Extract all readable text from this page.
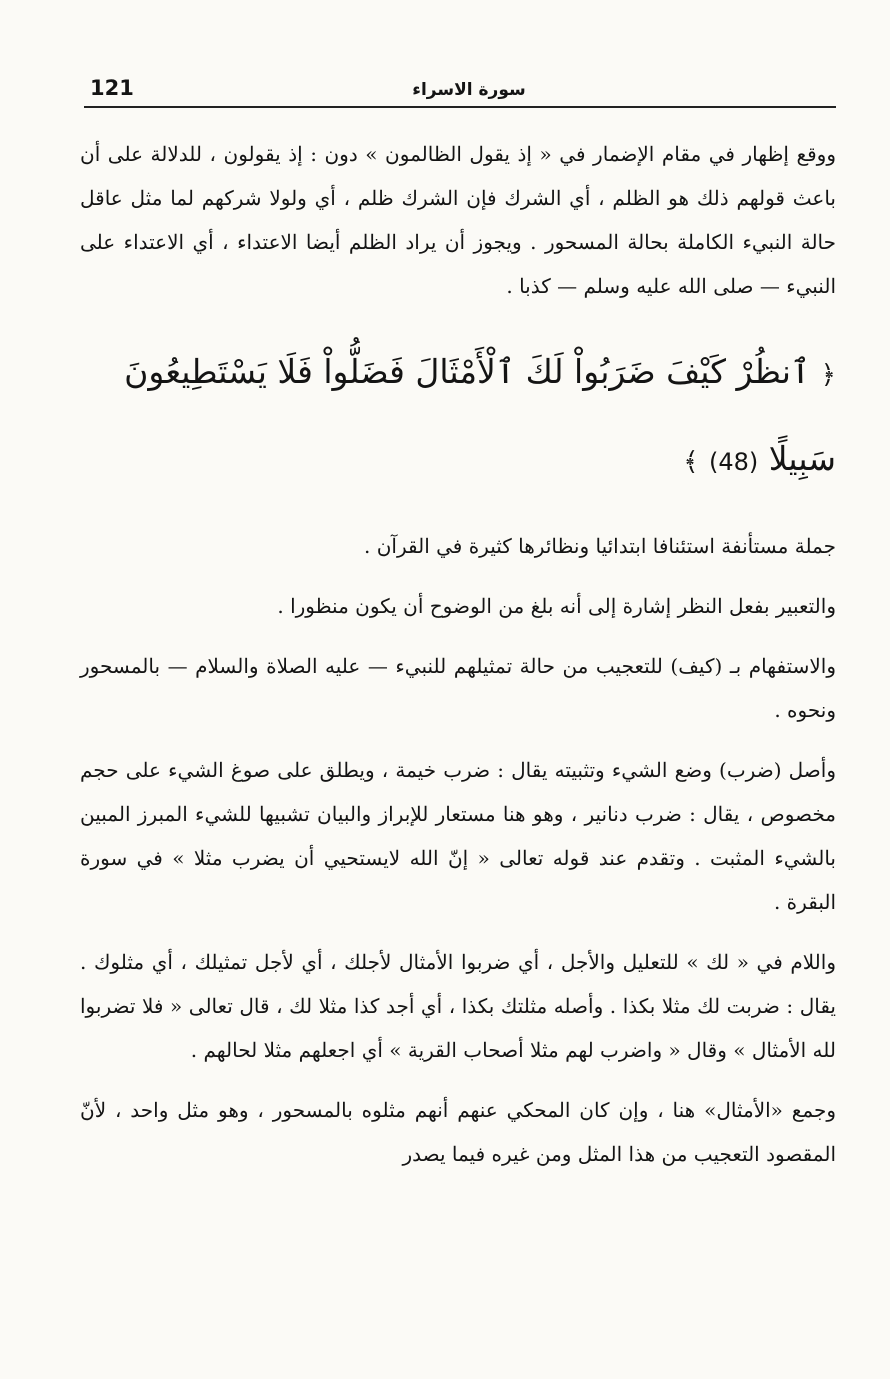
121	سورة الاسراء

ووقع إظهار في مقام الإضمار في « إذ يقول الظالمون » دون : إذ يقولون ، للدلالة على أن باعث قولهم ذلك هو الظلم ، أي الشرك فإن الشرك ظلم ، أي ولولا شركهم لما مثل عاقل حالة النبيء الكاملة بحالة المسحور . ويجوز أن يراد الظلم أيضا الاعتداء ، أي الاعتداء على النبيء — صلى الله عليه وسلم — كذبا .

﴿ ٱنظُرْ كَيْفَ ضَرَبُواْ لَكَ ٱلْأَمْثَالَ فَضَلُّواْ فَلَا يَسْتَطِيعُونَ سَبِيلًا (48) ﴾

جملة مستأنفة استئنافا ابتدائيا ونظائرها كثيرة في القرآن .

والتعبير بفعل النظر إشارة إلى أنه بلغ من الوضوح أن يكون منظورا .

والاستفهام بـ (كيف) للتعجيب من حالة تمثيلهم للنبيء — عليه الصلاة والسلام — بالمسحور ونحوه .

وأصل (ضرب) وضع الشيء وتثبيته يقال : ضرب خيمة ، ويطلق على صوغ الشيء على حجم مخصوص ، يقال : ضرب دنانير ، وهو هنا مستعار للإبراز والبيان تشبيها للشيء المبرز المبين بالشيء المثبت . وتقدم عند قوله تعالى « إنّ الله لايستحيي أن يضرب مثلا » في سورة البقرة .

واللام في « لك » للتعليل والأجل ، أي ضربوا الأمثال لأجلك ، أي لأجل تمثيلك ، أي مثلوك . يقال : ضربت لك مثلا بكذا . وأصله مثلتك بكذا ، أي أجد كذا مثلا لك ، قال تعالى « فلا تضربوا لله الأمثال » وقال « واضرب لهم مثلا أصحاب القرية » أي اجعلهم مثلا لحالهم .

وجمع «الأمثال» هنا ، وإن كان المحكي عنهم أنهم مثلوه بالمسحور ، وهو مثل واحد ، لأنّ المقصود التعجيب من هذا المثل ومن غيره فيما يصدر
